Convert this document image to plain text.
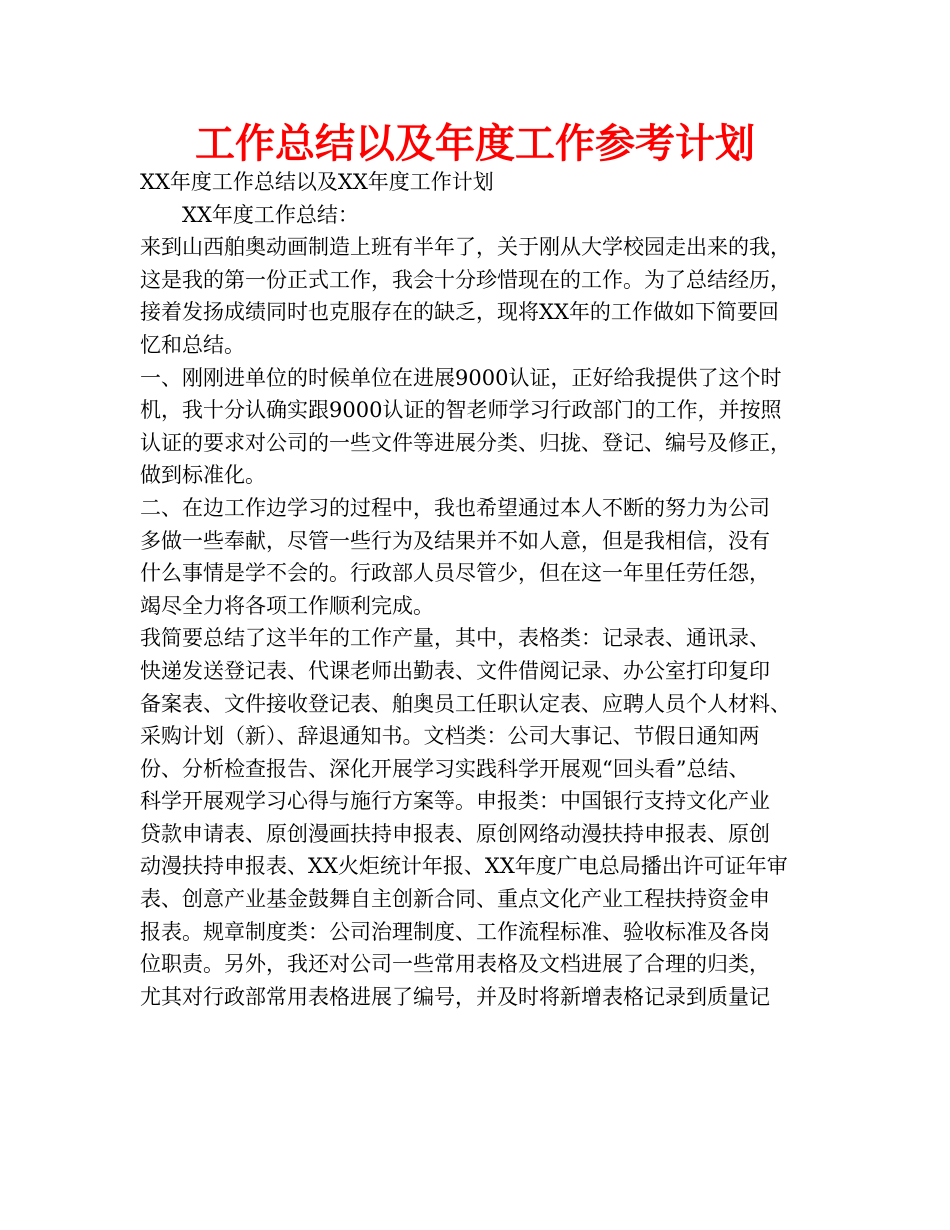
工作总结以及年度工作参考计划
XX年度工作总结以及XX年度工作计划
XX年度工作总结：
来到山西舶奥动画制造上班有半年了，关于刚从大学校园走出来的我，
这是我的第一份正式工作，我会十分珍惜现在的工作。为了总结经历，
接着发扬成绩同时也克服存在的缺乏，现将XX年的工作做如下简要回
忆和总结。
一、刚刚进单位的时候单位在进展9000认证，正好给我提供了这个时
机，我十分认确实跟9000认证的智老师学习行政部门的工作，并按照
认证的要求对公司的一些文件等进展分类、归拢、登记、编号及修正，
做到标准化。
二、在边工作边学习的过程中，我也希望通过本人不断的努力为公司
多做一些奉献，尽管一些行为及结果并不如人意，但是我相信，没有
什么事情是学不会的。行政部人员尽管少，但在这一年里任劳任怨，
竭尽全力将各项工作顺利完成。
我简要总结了这半年的工作产量，其中，表格类：记录表、通讯录、
快递发送登记表、代课老师出勤表、文件借阅记录、办公室打印复印
备案表、文件接收登记表、舶奥员工任职认定表、应聘人员个人材料、
采购计划（新）、辞退通知书。文档类：公司大事记、节假日通知两
份、分析检查报告、深化开展学习实践科学开展观“回头看”总结、
科学开展观学习心得与施行方案等。申报类：中国银行支持文化产业
贷款申请表、原创漫画扶持申报表、原创网络动漫扶持申报表、原创
动漫扶持申报表、XX火炬统计年报、XX年度广电总局播出许可证年审
表、创意产业基金鼓舞自主创新合同、重点文化产业工程扶持资金申
报表。规章制度类：公司治理制度、工作流程标准、验收标准及各岗
位职责。另外，我还对公司一些常用表格及文档进展了合理的归类，
尤其对行政部常用表格进展了编号，并及时将新增表格记录到质量记
